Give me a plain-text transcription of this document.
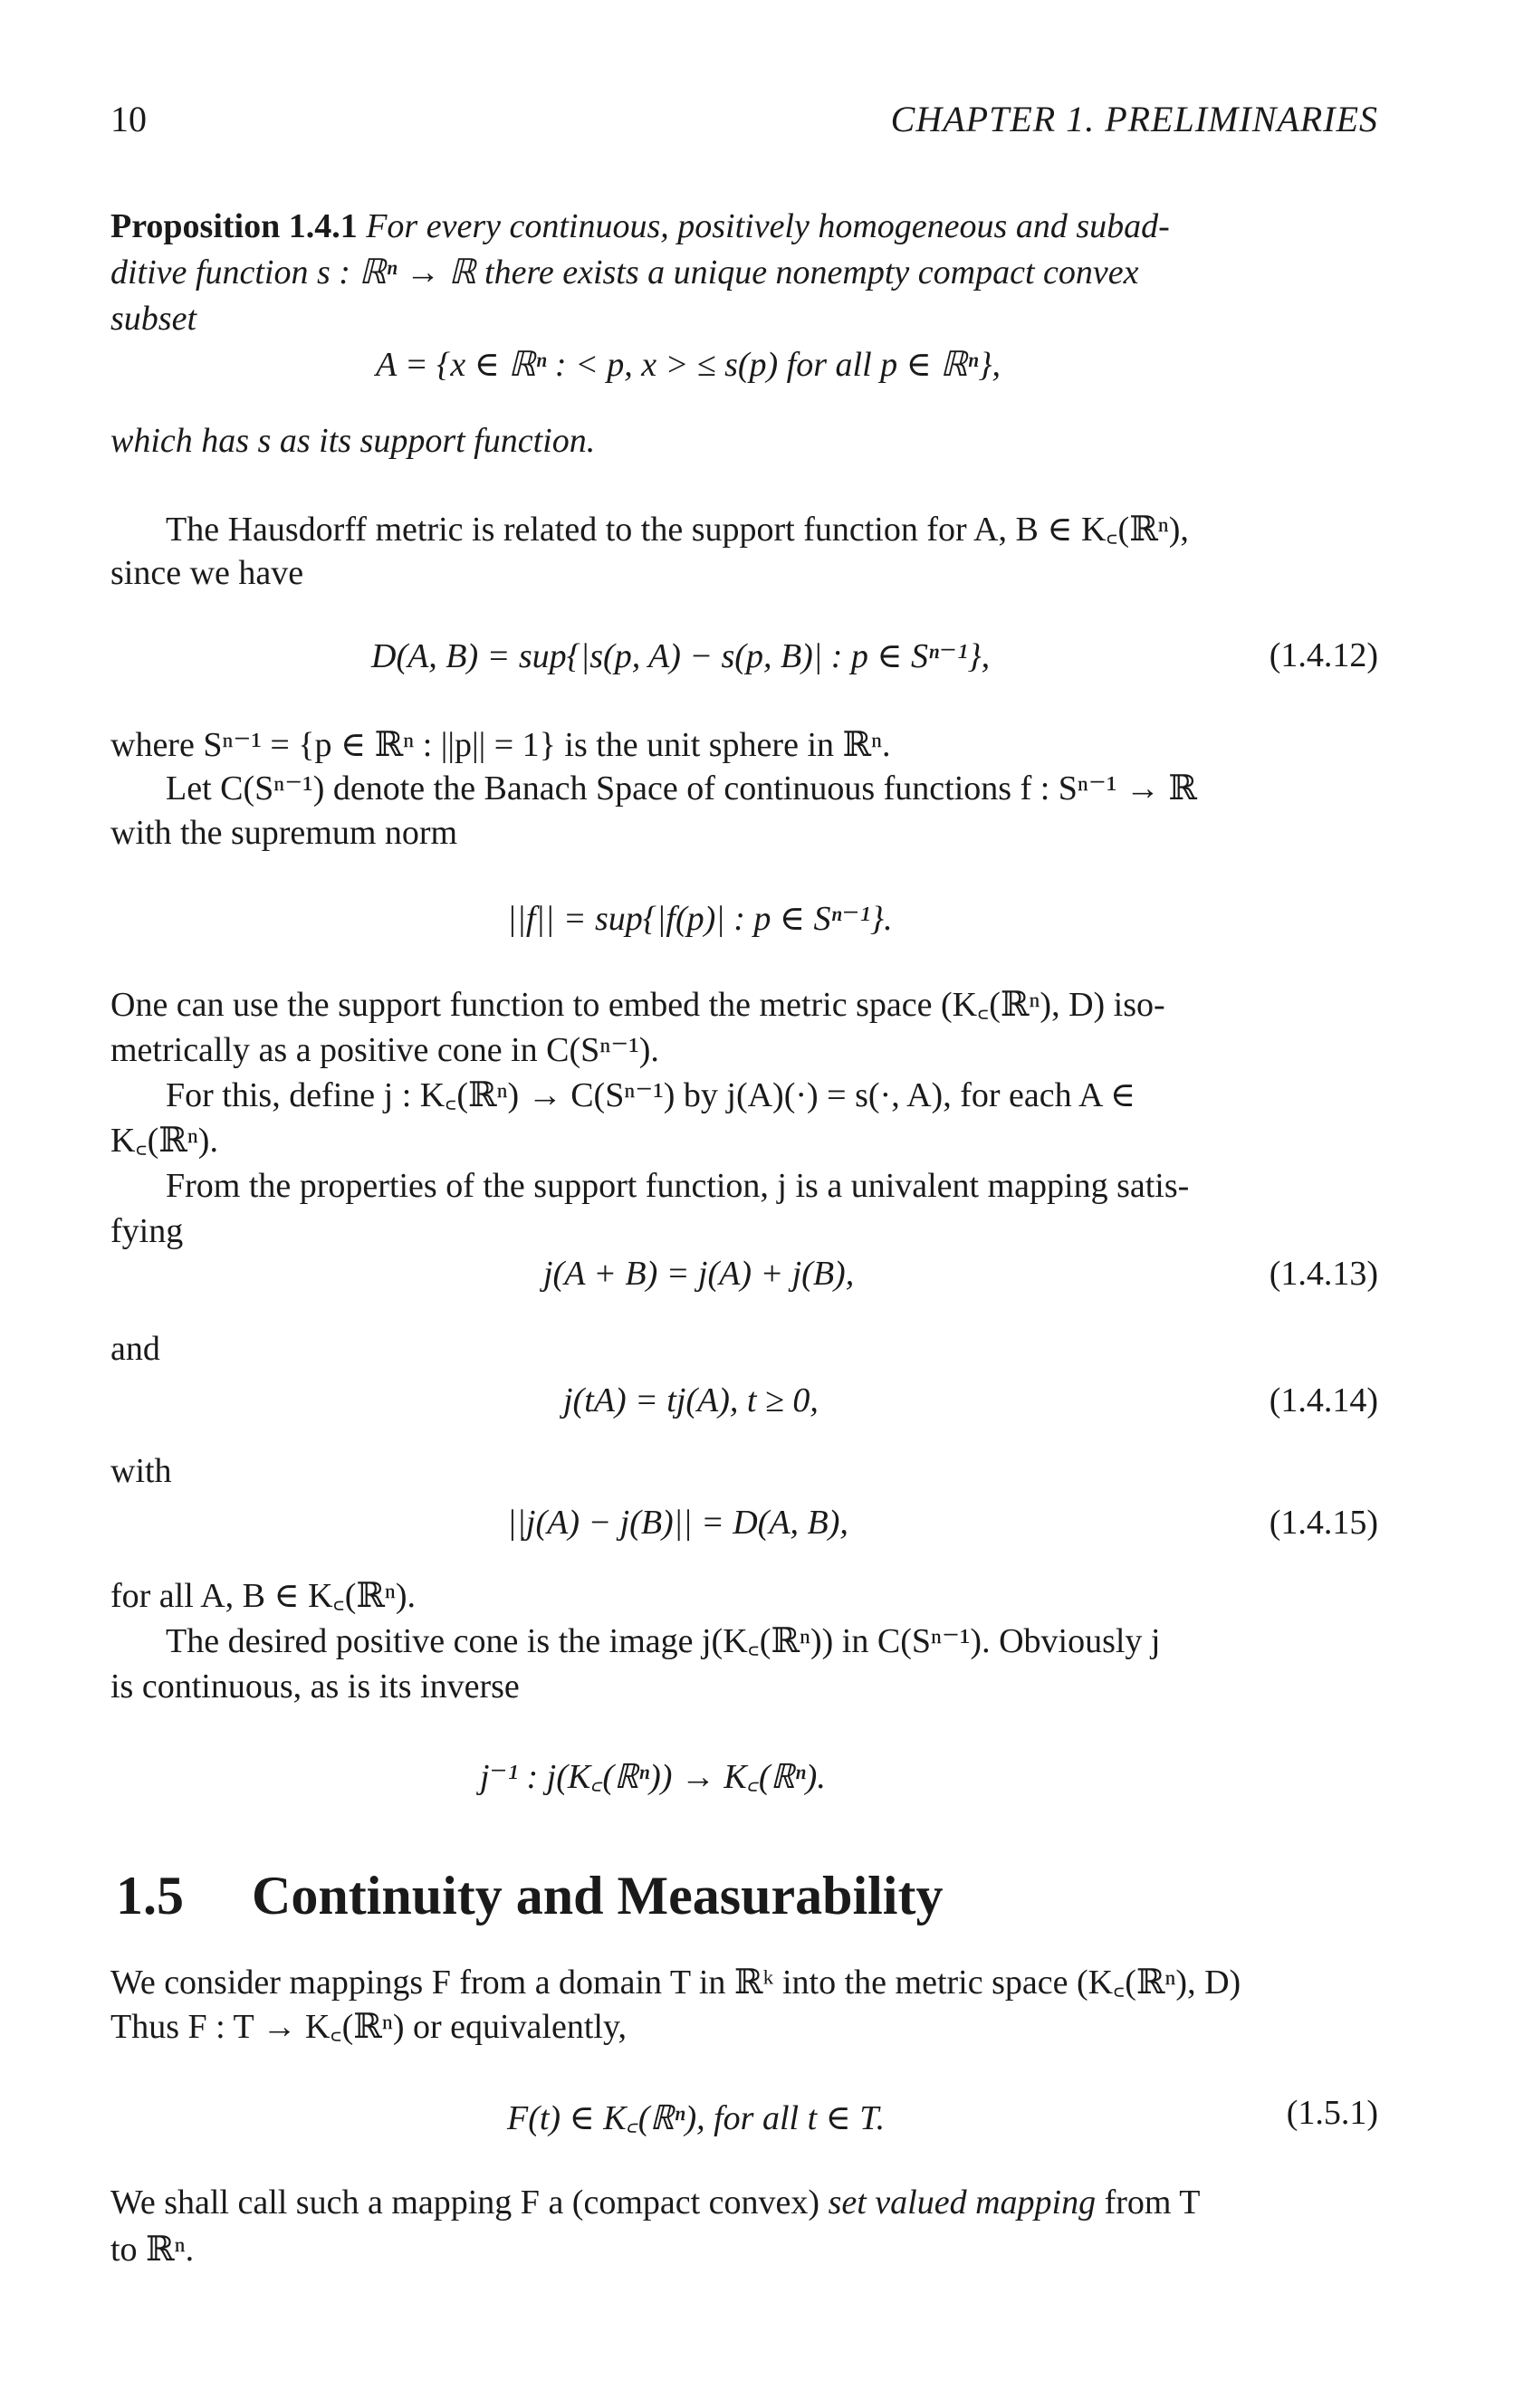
10	CHAPTER 1. PRELIMINARIES
Proposition 1.4.1 For every continuous, positively homogeneous and subad-
ditive function s : ℝⁿ → ℝ there exists a unique nonempty compact convex
subset
A = {x ∈ ℝⁿ : < p, x > ≤ s(p) for all p ∈ ℝⁿ},
which has s as its support function.
The Hausdorff metric is related to the support function for A, B ∈ K꜀(ℝⁿ),
since we have
D(A, B) = sup{|s(p, A) − s(p, B)| : p ∈ Sⁿ⁻¹},	(1.4.12)
where Sⁿ⁻¹ = {p ∈ ℝⁿ : ||p|| = 1} is the unit sphere in ℝⁿ.
Let C(Sⁿ⁻¹) denote the Banach Space of continuous functions f : Sⁿ⁻¹ → ℝ
with the supremum norm
||f|| = sup{|f(p)| : p ∈ Sⁿ⁻¹}.
One can use the support function to embed the metric space (K꜀(ℝⁿ), D) iso-
metrically as a positive cone in C(Sⁿ⁻¹).
For this, define j : K꜀(ℝⁿ) → C(Sⁿ⁻¹) by j(A)(·) = s(·, A), for each A ∈
K꜀(ℝⁿ).
From the properties of the support function, j is a univalent mapping satis-
fying
j(A + B) = j(A) + j(B),	(1.4.13)
and
j(tA) = tj(A), t ≥ 0,	(1.4.14)
with
||j(A) − j(B)|| = D(A, B),	(1.4.15)
for all A, B ∈ K꜀(ℝⁿ).
The desired positive cone is the image j(K꜀(ℝⁿ)) in C(Sⁿ⁻¹). Obviously j
is continuous, as is its inverse
j⁻¹ : j(K꜀(ℝⁿ)) → K꜀(ℝⁿ).
1.5 Continuity and Measurability
We consider mappings F from a domain T in ℝᵏ into the metric space (K꜀(ℝⁿ), D)
Thus F : T → K꜀(ℝⁿ) or equivalently,
F(t) ∈ K꜀(ℝⁿ), for all t ∈ T.	(1.5.1)
We shall call such a mapping F a (compact convex) set valued mapping from T
to ℝⁿ.
